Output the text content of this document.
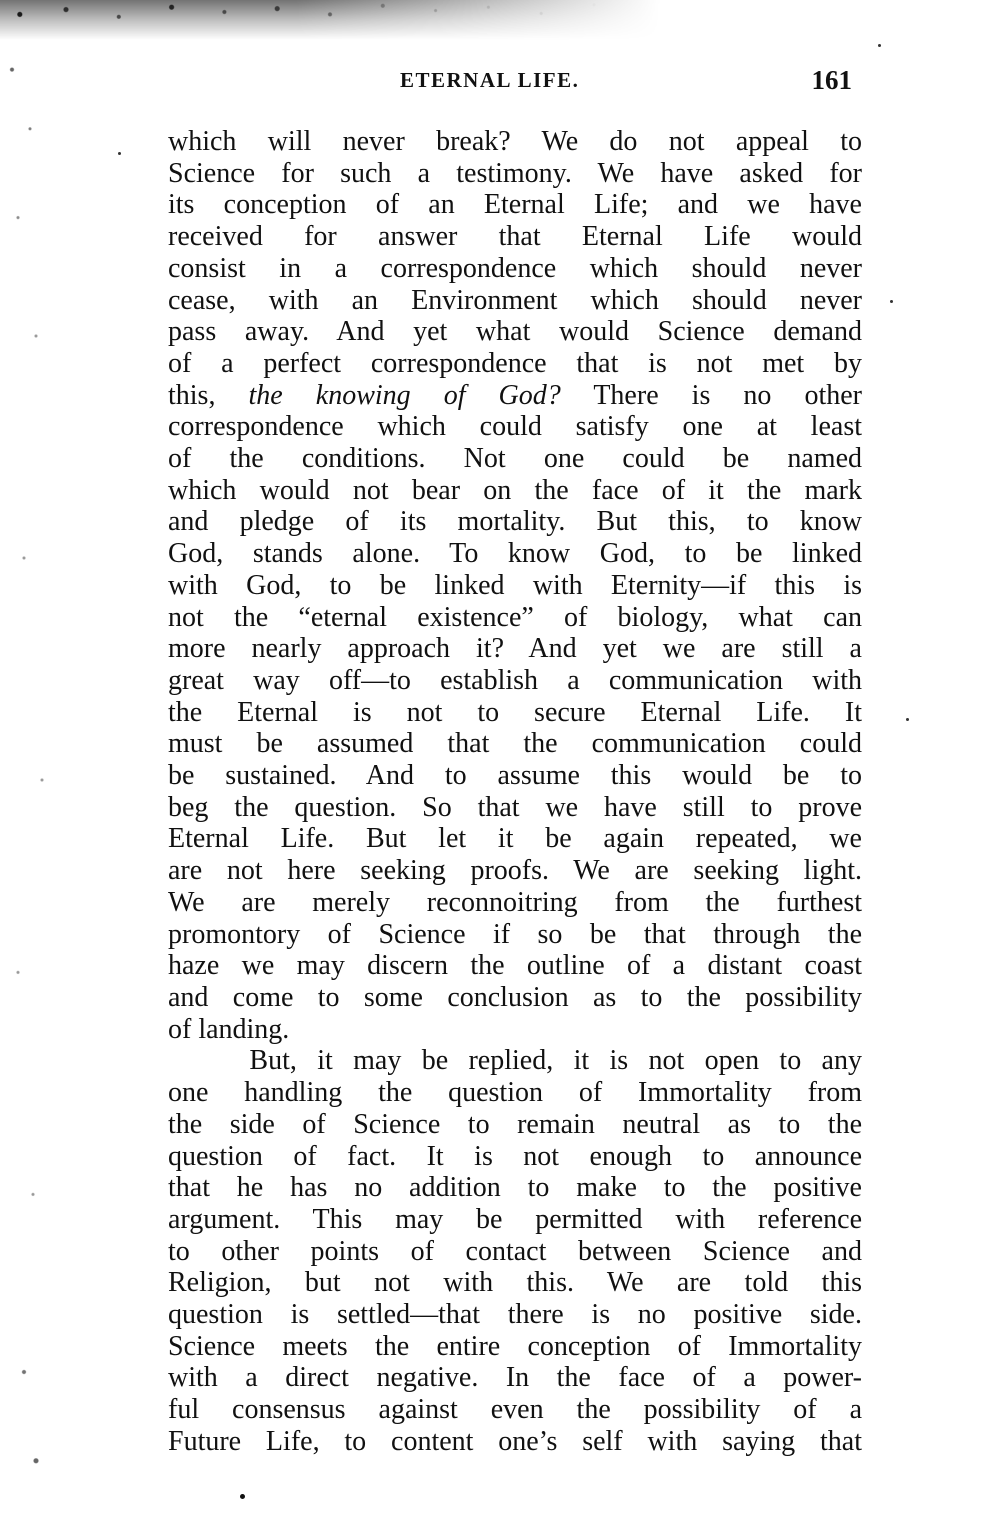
ETERNAL LIFE.	161
which will never break? We do not appeal to
Science for such a testimony. We have asked for
its conception of an Eternal Life; and we have
received for answer that Eternal Life would
consist in a correspondence which should never
cease, with an Environment which should never
pass away. And yet what would Science demand
of a perfect correspondence that is not met by
this, the knowing of God? There is no other
correspondence which could satisfy one at least
of the conditions. Not one could be named
which would not bear on the face of it the mark
and pledge of its mortality. But this, to know
God, stands alone. To know God, to be linked
with God, to be linked with Eternity—if this is
not the “eternal existence” of biology, what can
more nearly approach it? And yet we are still a
great way off—to establish a communication with
the Eternal is not to secure Eternal Life. It
must be assumed that the communication could
be sustained. And to assume this would be to
beg the question. So that we have still to prove
Eternal Life. But let it be again repeated, we
are not here seeking proofs. We are seeking light.
We are merely reconnoitring from the furthest
promontory of Science if so be that through the
haze we may discern the outline of a distant coast
and come to some conclusion as to the possibility
of landing.
But, it may be replied, it is not open to any
one handling the question of Immortality from
the side of Science to remain neutral as to the
question of fact. It is not enough to announce
that he has no addition to make to the positive
argument. This may be permitted with reference
to other points of contact between Science and
Religion, but not with this. We are told this
question is settled—that there is no positive side.
Science meets the entire conception of Immortality
with a direct negative. In the face of a power-
ful consensus against even the possibility of a
Future Life, to content one’s self with saying that
